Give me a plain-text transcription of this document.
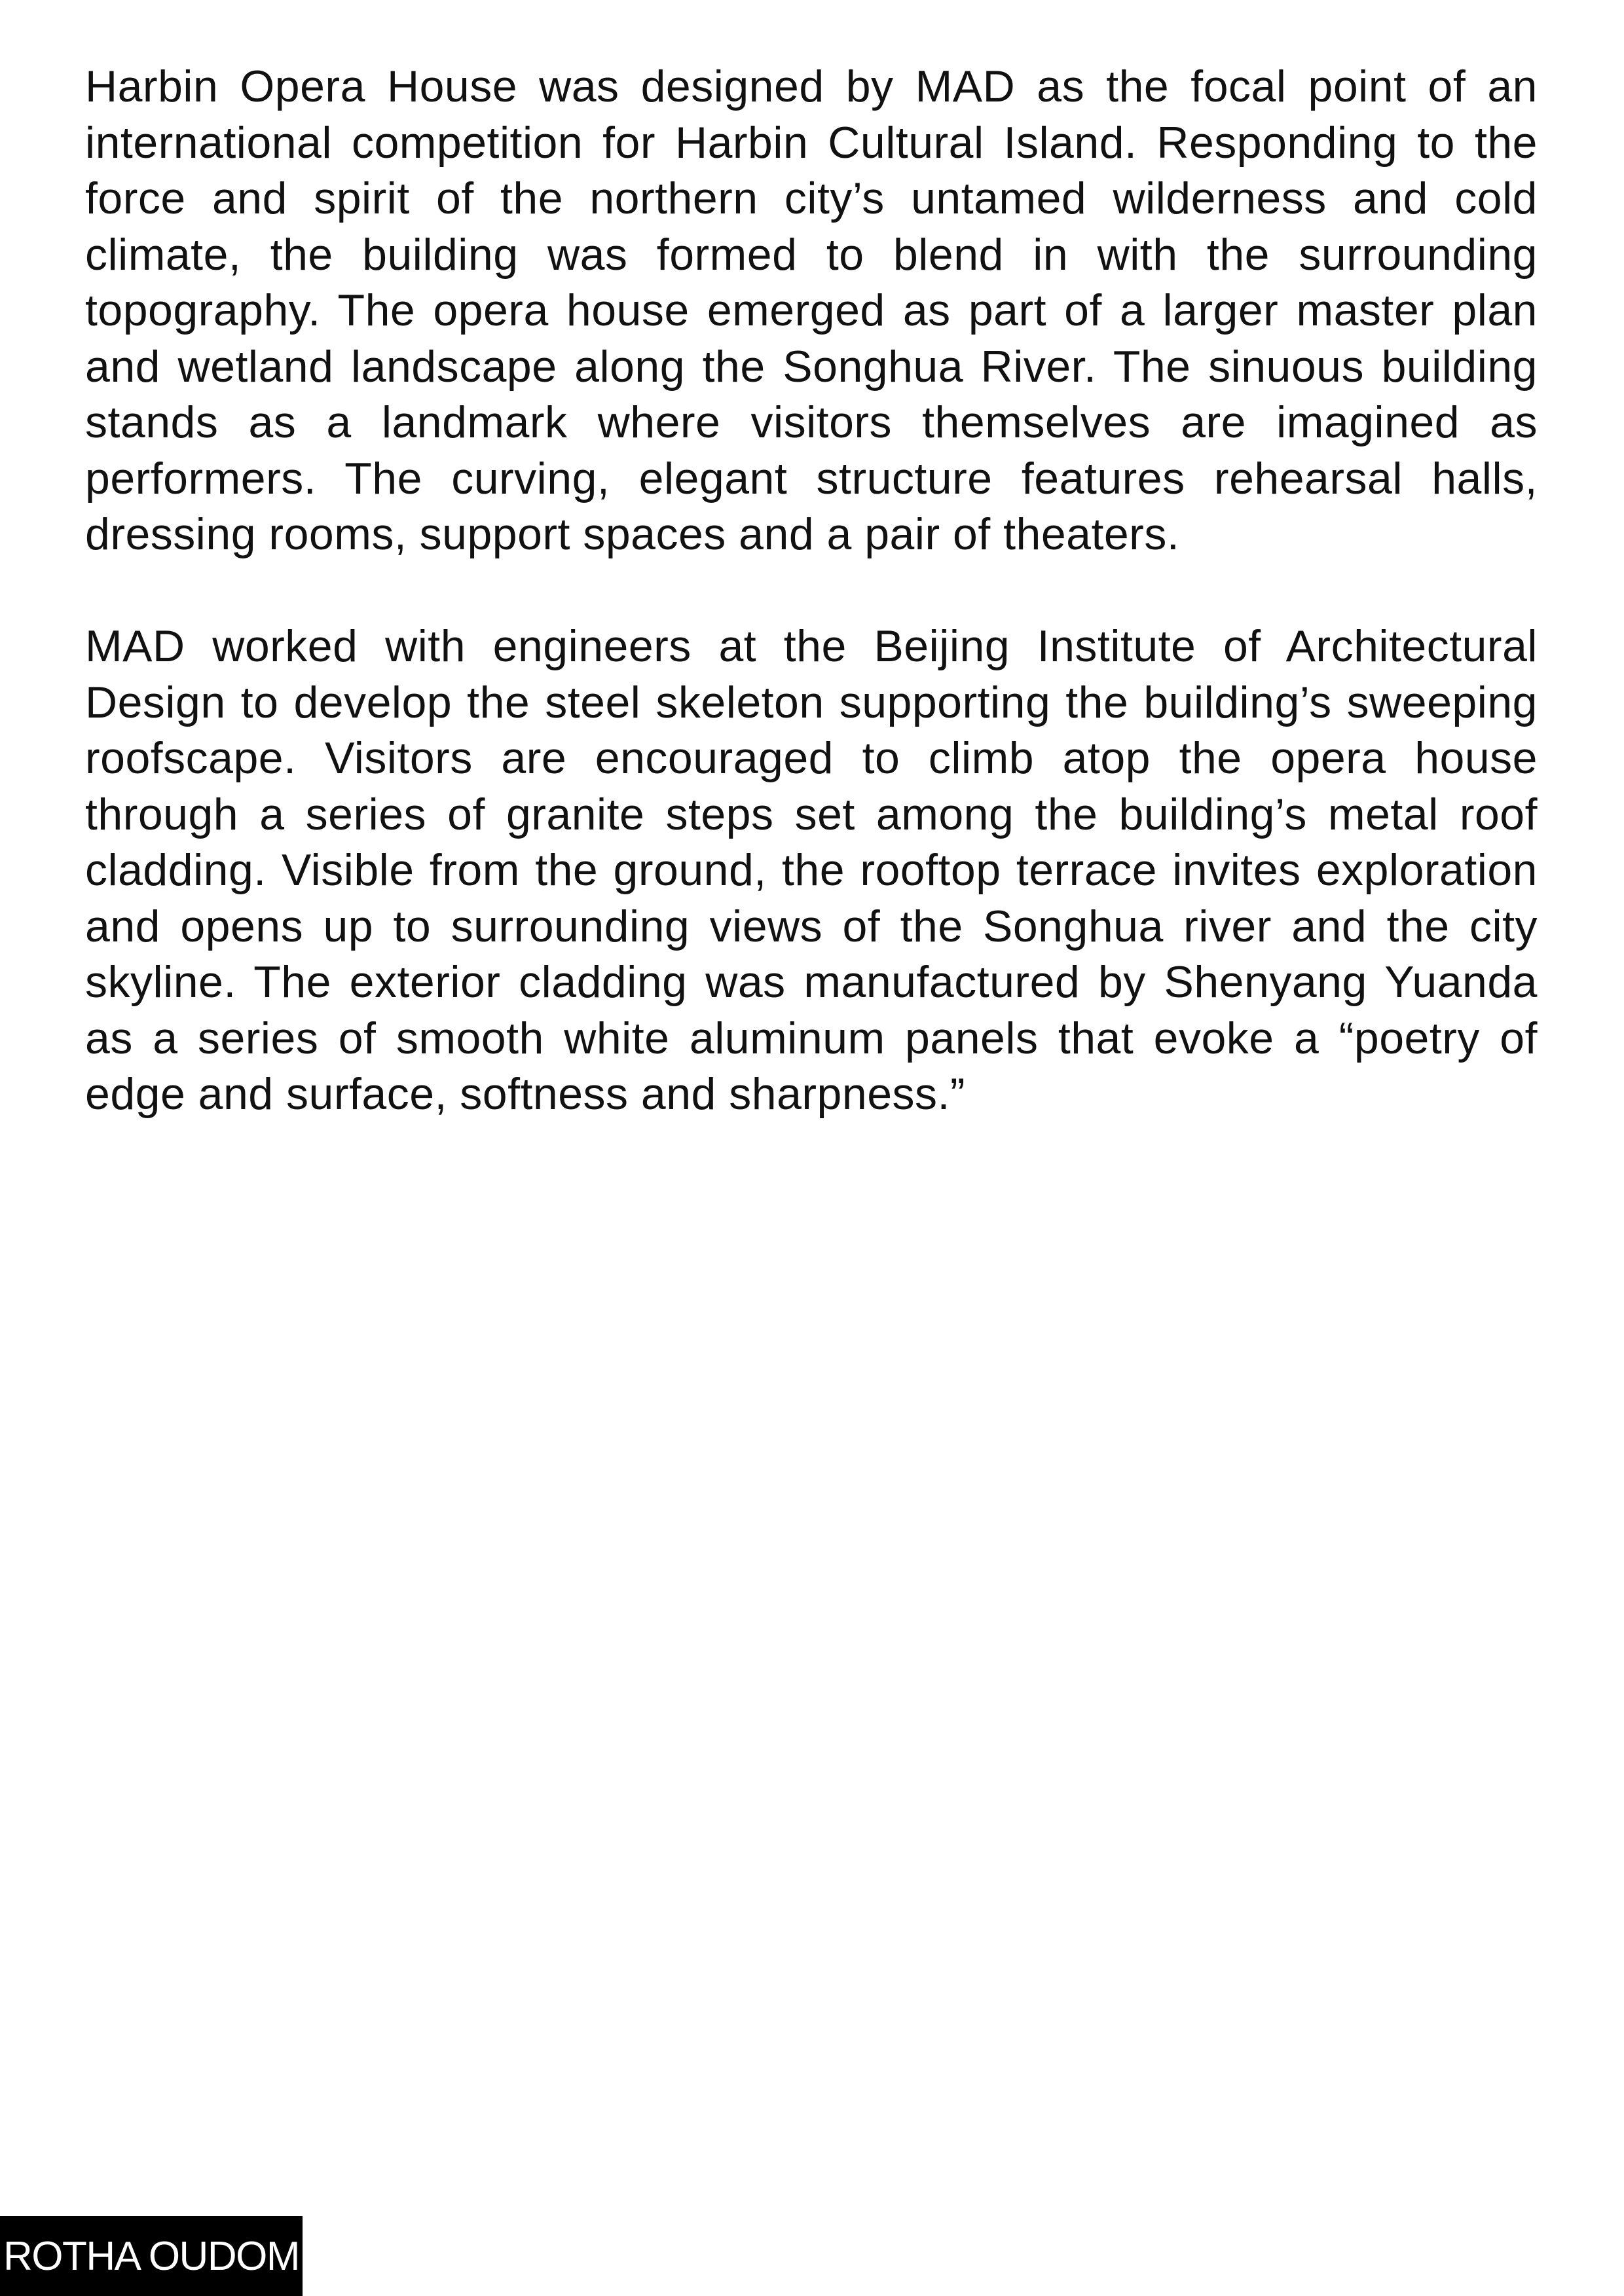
Harbin Opera House was designed by MAD as the focal point of an international competition for Harbin Cultural Island. Responding to the force and spirit of the northern city’s untamed wilderness and cold climate, the building was formed to blend in with the surrounding topography. The opera house emerged as part of a larger master plan and wetland landscape along the Songhua River. The sinuous building stands as a landmark where visitors themselves are imagined as performers. The curving, elegant structure features rehearsal halls, dressing rooms, support spaces and a pair of theaters.

MAD worked with engineers at the Beijing Institute of Architectural Design to develop the steel skeleton supporting the building’s sweeping roofscape. Visitors are encouraged to climb atop the opera house through a series of granite steps set among the building’s metal roof cladding. Visible from the ground, the rooftop terrace invites exploration and opens up to surrounding views of the Songhua river and the city skyline. The exterior cladding was manufactured by Shenyang Yuanda as a series of smooth white aluminum panels that evoke a “poetry of edge and surface, softness and sharpness.”

ROTHA OUDOM
